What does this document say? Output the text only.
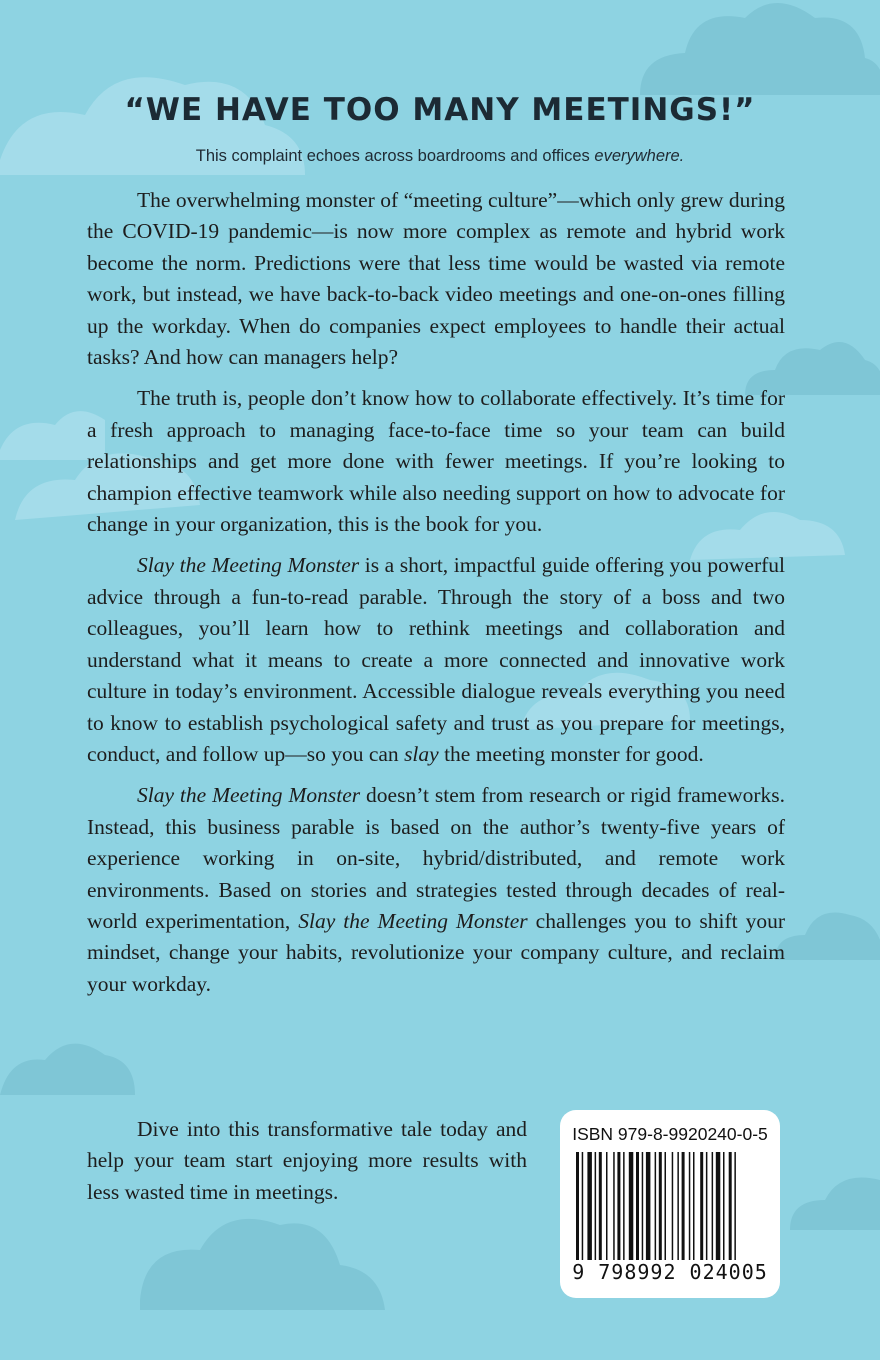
“WE HAVE TOO MANY MEETINGS!”

This complaint echoes across boardrooms and offices everywhere.

The overwhelming monster of “meeting culture”—which only grew during the COVID-19 pandemic—is now more complex as remote and hybrid work become the norm. Predictions were that less time would be wasted via remote work, but instead, we have back-to-back video meetings and one-on-ones filling up the workday. When do companies expect employees to handle their actual tasks? And how can managers help?

The truth is, people don’t know how to collaborate effectively. It’s time for a fresh approach to managing face-to-face time so your team can build relationships and get more done with fewer meetings. If you’re looking to champion effective teamwork while also needing support on how to advocate for change in your organization, this is the book for you.

Slay the Meeting Monster is a short, impactful guide offering you powerful advice through a fun-to-read parable. Through the story of a boss and two colleagues, you’ll learn how to rethink meetings and collaboration and understand what it means to create a more connected and innovative work culture in today’s environment. Accessible dialogue reveals everything you need to know to establish psychological safety and trust as you prepare for meetings, conduct, and follow up—so you can slay the meeting monster for good.

Slay the Meeting Monster doesn’t stem from research or rigid frameworks. Instead, this business parable is based on the author’s twenty-five years of experience working in on-site, hybrid/distributed, and remote work environments. Based on stories and strategies tested through decades of real-world experimentation, Slay the Meeting Monster challenges you to shift your mindset, change your habits, revolutionize your company culture, and reclaim your workday.

Dive into this transformative tale today and help your team start enjoying more results with less wasted time in meetings.

ISBN 979-8-9920240-0-5
9 798992 024005
